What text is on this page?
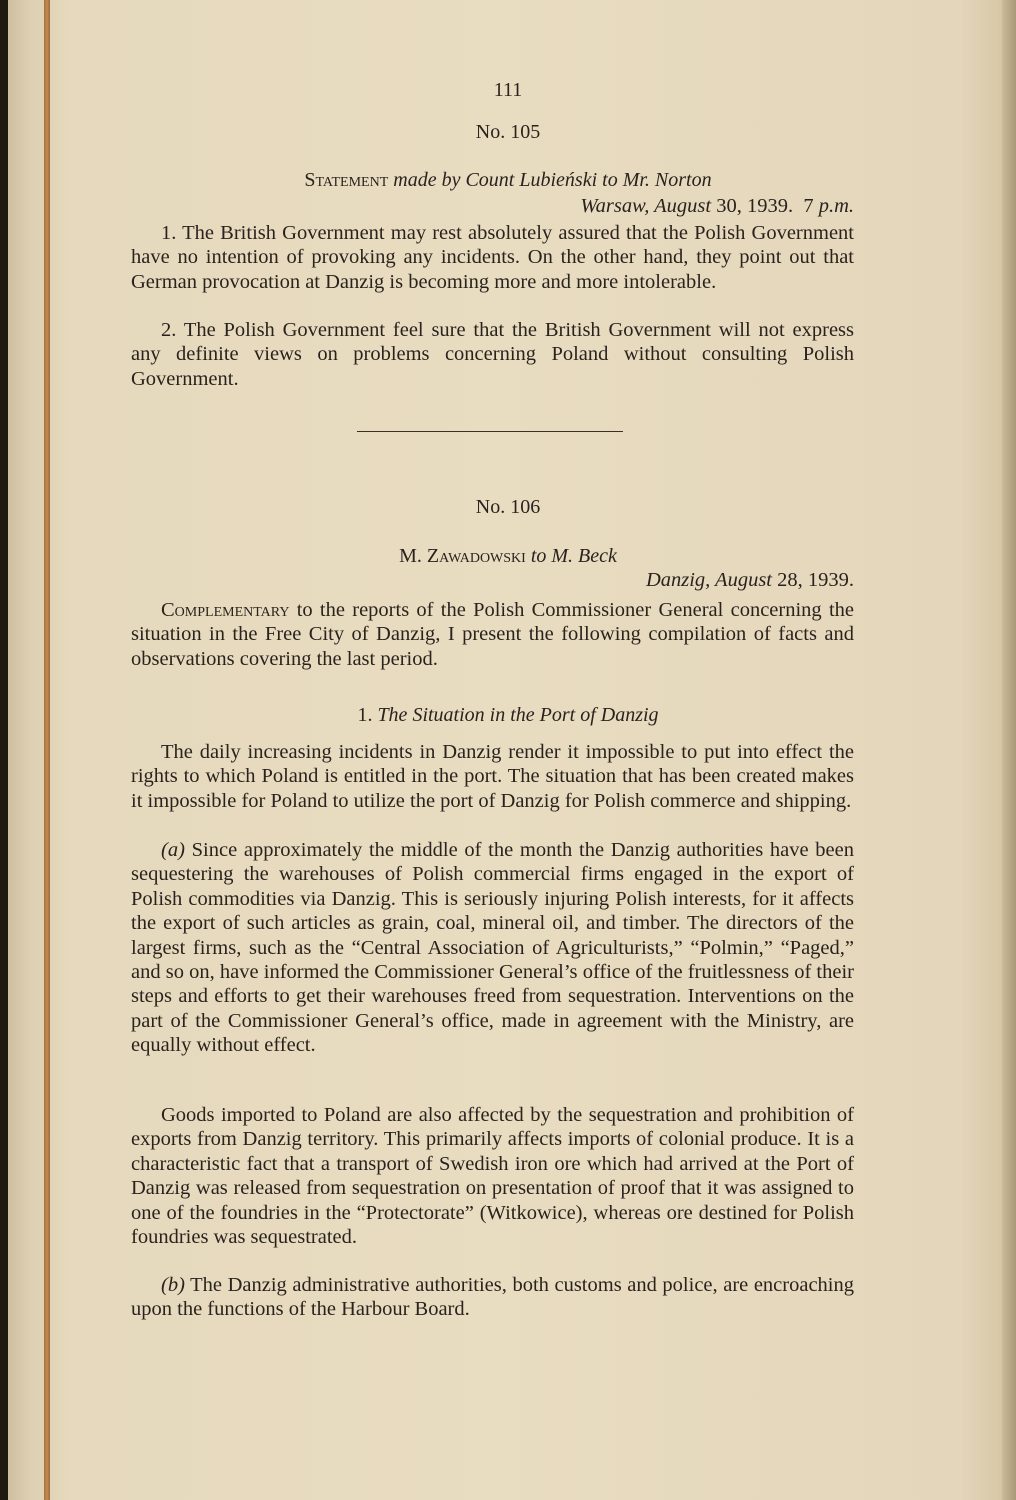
111
No. 105
Statement made by Count Lubieński to Mr. Norton
Warsaw, August 30, 1939. 7 p.m.
1. The British Government may rest absolutely assured that the Polish Government have no intention of provoking any incidents. On the other hand, they point out that German provocation at Danzig is becoming more and more intolerable.
2. The Polish Government feel sure that the British Government will not express any definite views on problems concerning Poland without consulting Polish Government.
No. 106
M. Zawadowski to M. Beck
Danzig, August 28, 1939.
Complementary to the reports of the Polish Commissioner General concerning the situation in the Free City of Danzig, I present the following compilation of facts and observations covering the last period.
1. The Situation in the Port of Danzig
The daily increasing incidents in Danzig render it impossible to put into effect the rights to which Poland is entitled in the port. The situation that has been created makes it impossible for Poland to utilize the port of Danzig for Polish commerce and shipping.
(a) Since approximately the middle of the month the Danzig authorities have been sequestering the warehouses of Polish commercial firms engaged in the export of Polish commodities via Danzig. This is seriously injuring Polish interests, for it affects the export of such articles as grain, coal, mineral oil, and timber. The directors of the largest firms, such as the “Central Association of Agriculturists,” “Polmin,” “Paged,” and so on, have informed the Commissioner General’s office of the fruitlessness of their steps and efforts to get their warehouses freed from sequestration. Interventions on the part of the Commissioner General’s office, made in agreement with the Ministry, are equally without effect.
Goods imported to Poland are also affected by the sequestration and prohibition of exports from Danzig territory. This primarily affects imports of colonial produce. It is a characteristic fact that a transport of Swedish iron ore which had arrived at the Port of Danzig was released from sequestration on presentation of proof that it was assigned to one of the foundries in the “Protectorate” (Witkowice), whereas ore destined for Polish foundries was sequestrated.
(b) The Danzig administrative authorities, both customs and police, are encroaching upon the functions of the Harbour Board.
